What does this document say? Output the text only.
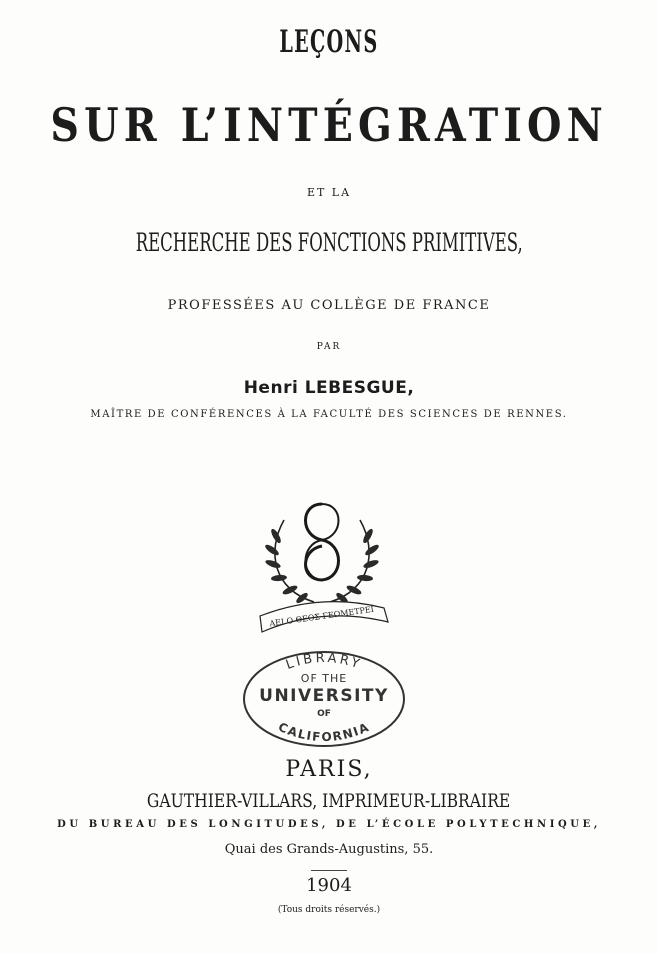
LEÇONS
SUR L’INTÉGRATION
ET LA
RECHERCHE DES FONCTIONS PRIMITIVES,
PROFESSÉES AU COLLÈGE DE FRANCE
PAR
Henri LEBESGUE,
MAÎTRE DE CONFÉRENCES À LA FACULTÉ DES SCIENCES DE RENNES.
ΑΕΙ Ο ΘΕΟΣ ΓΕΩΜΕΤΡΕΙ
LIBRARY
CALIFORNIA
OF THE
UNIVERSITY
OF
PARIS,
GAUTHIER-VILLARS, IMPRIMEUR-LIBRAIRE
DU BUREAU DES LONGITUDES, DE L’ÉCOLE POLYTECHNIQUE,
Quai des Grands-Augustins, 55.
1904
(Tous droits réservés.)
